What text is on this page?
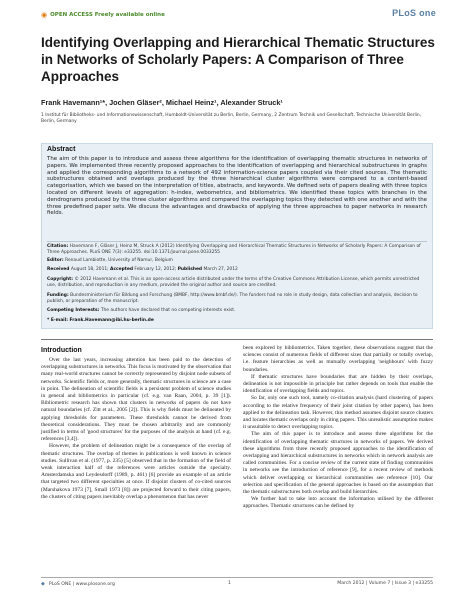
◉ OPEN ACCESS Freely available online	PLoS one
Identifying Overlapping and Hierarchical Thematic Structures in Networks of Scholarly Papers: A Comparison of Three Approaches
Frank Havemann¹*, Jochen Gläser², Michael Heinz¹, Alexander Struck¹
1 Institut für Bibliotheks- und Informationswissenschaft, Humboldt-Universität zu Berlin, Berlin, Germany, 2 Zentrum Technik und Gesellschaft, Technische Universität Berlin, Berlin, Germany
Abstract
The aim of this paper is to introduce and assess three algorithms for the identification of overlapping thematic structures in networks of papers. We implemented three recently proposed approaches to the identification of overlapping and hierarchical substructures in graphs and applied the corresponding algorithms to a network of 492 information-science papers coupled via their cited sources. The thematic substructures obtained and overlaps produced by the three hierarchical cluster algorithms were compared to a content-based categorisation, which we based on the interpretation of titles, abstracts, and keywords. We defined sets of papers dealing with three topics located on different levels of aggregation: h-index, webometrics, and bibliometrics. We identified these topics with branches in the dendrograms produced by the three cluster algorithms and compared the overlapping topics they detected with one another and with the three predefined paper sets. We discuss the advantages and drawbacks of applying the three approaches to paper networks in research fields.
Citation: Havemann F, Gläser J, Heinz M, Struck A (2012) Identifying Overlapping and Hierarchical Thematic Structures in Networks of Scholarly Papers: A Comparison of Three Approaches. PLoS ONE 7(3): e33255. doi:10.1371/journal.pone.0033255
Editor: Renaud Lambiotte, University of Namur, Belgium
Received August 18, 2011; Accepted February 12, 2012; Published March 27, 2012
Copyright: © 2012 Havemann et al. This is an open-access article distributed under the terms of the Creative Commons Attribution License, which permits unrestricted use, distribution, and reproduction in any medium, provided the original author and source are credited.
Funding: Bundesministerium für Bildung und Forschung (BMBF, http://www.bmbf.de/). The funders had no role in study design, data collection and analysis, decision to publish, or preparation of the manuscript.
Competing Interests: The authors have declared that no competing interests exist.
* E-mail: Frank.Havemann@ibi.hu-berlin.de
Introduction

Over the last years, increasing attention has been paid to the detection of overlapping substructures in networks. This focus is motivated by the observation that many real-world structures cannot be correctly represented by disjoint node subsets of networks. Scientific fields or, more generally, thematic structures in science are a case in point. The delineation of scientific fields is a persistent problem of science studies in general and bibliometrics in particular (cf. e.g. van Raan, 2004, p. 39 [1]). Bibliometric research has shown that clusters in networks of papers do not have natural boundaries (cf. Zitt et al., 2005 [2]). This is why fields must be delineated by applying thresholds for parameters. These thresholds cannot be derived from theoretical considerations. They must be chosen arbitrarily and are commonly justified in terms of 'good structures' for the purposes of the analysis at hand (cf. e.g. references [3,4]).

However, the problem of delineation might be a consequence of the overlap of thematic structures. The overlap of themes in publications is well known in science studies. Sullivan et al. (1977, p. 235) [5] observed that in the formation of the field of weak interaction half of the references were articles outside the specialty. Amsterdamska and Leydesdorff (1989, p. 461) [6] provide an example of an article that targeted two different specialties at once. If disjoint clusters of co-cited sources (Marshakova 1973 [7], Small 1973 [8]) are projected forward to their citing papers, the clusters of citing papers inevitably overlap a phenomenon that has never

been explored by bibliometrics. Taken together, these observations suggest that the sciences consist of numerous fields of different sizes that partially or totally overlap, i.e. feature hierarchies as well as mutually overlapping 'neighbours' with fuzzy boundaries.

If thematic structures have boundaries that are hidden by their overlaps, delineation is not impossible in principle but rather depends on tools that enable the identification of overlapping fields and topics.

So far, only one such tool, namely co-citation analysis (hard clustering of papers according to the relative frequency of their joint citation by other papers), has been applied to the delineation task. However, this method assumes disjoint source clusters and locates thematic overlaps only in citing papers. This unrealistic assumption makes it unsuitable to detect overlapping topics.

The aim of this paper is to introduce and assess three algorithms for the identification of overlapping thematic structures in networks of papers. We derived these algorithms from three recently proposed approaches to the identification of overlapping and hierarchical substructures in networks which in network analysis are called communities. For a concise review of the current state of finding communities in networks see the introduction of reference [9], for a recent review of methods which deliver overlapping or hierarchical communities see reference [10]. Our selection and specification of the general approaches is based on the assumption that the thematic substructures both overlap and build hierarchies.

We further had to take into account the information utilised by the different approaches. Thematic structures can be defined by

◆ PLoS ONE | www.plosone.org	1	March 2012 | Volume 7 | Issue 3 | e33255
